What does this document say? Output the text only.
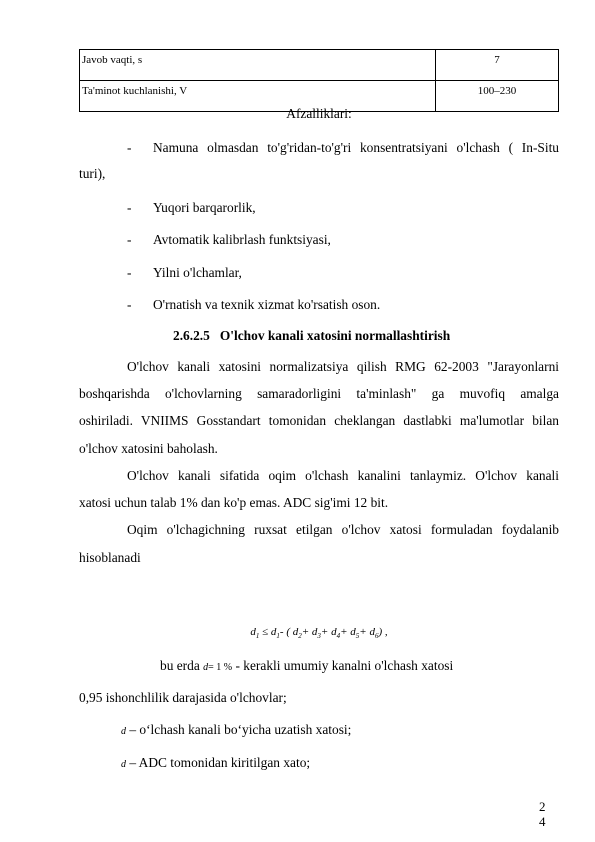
Javob vaqti, s	7
Ta'minot kuchlanishi, V	100–230
Afzalliklari:
- Namuna olmasdan to'g'ridan-to'g'ri konsentratsiyani o'lchash ( In-Situ
turi),
- Yuqori barqarorlik,
- Avtomatik kalibrlash funktsiyasi,
- Yilni o'lchamlar,
- O'rnatish va texnik xizmat ko'rsatish oson.
2.6.2.5 O'lchov kanali xatosini normallashtirish
O'lchov kanali xatosini normalizatsiya qilish RMG 62-2003 "Jarayonlarni
boshqarishda o'lchovlarning samaradorligini ta'minlash" ga muvofiq amalga
oshiriladi. VNIIMS Gosstandart tomonidan cheklangan dastlabki ma'lumotlar bilan
o'lchov xatosini baholash.
O'lchov kanali sifatida oqim o'lchash kanalini tanlaymiz. O'lchov kanali
xatosi uchun talab 1% dan ko'p emas. ADC sig'imi 12 bit.
Oqim o'lchagichning ruxsat etilgan o'lchov xatosi formuladan foydalanib
hisoblanadi
$d_1 \le d_1-$ ( $d_2+ d_3+ d_4+ d_5+ d_6$) ,
bu erda d= 1 % - kerakli umumiy kanalni o'lchash xatosi
0,95 ishonchlilik darajasida o'lchovlar;
d – o‘lchash kanali bo‘yicha uzatish xatosi;
d – ADC tomonidan kiritilgan xato;
2
4
